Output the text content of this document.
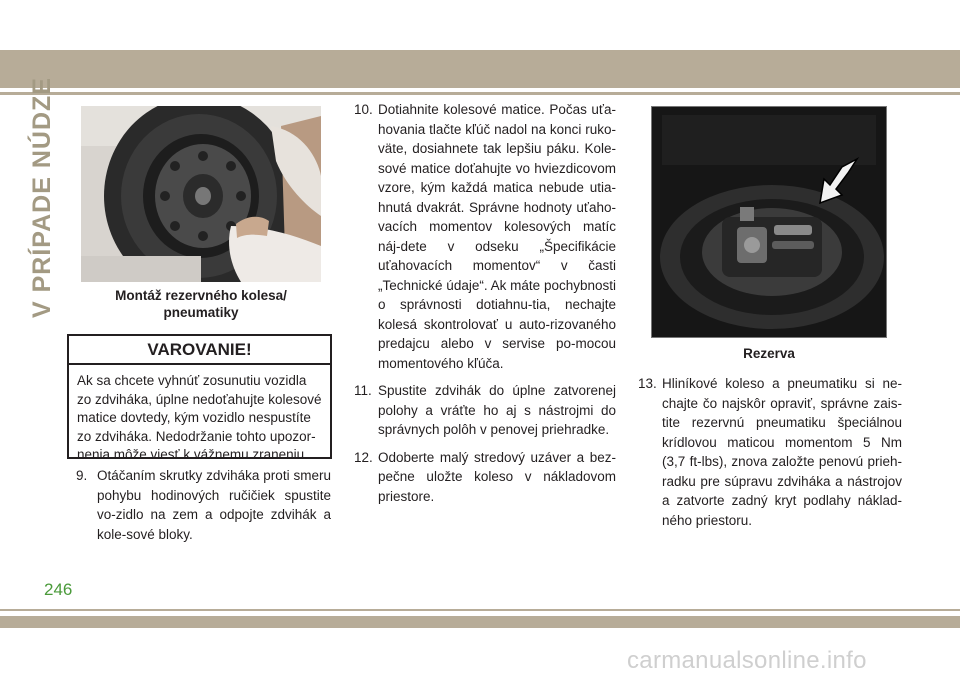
V PRÍPADE NÚDZE	Montáž rezervného kolesa/ pneumatiky
VAROVANIE!
Ak sa chcete vyhnúť zosunutiu vozidla zo zdviháka, úplne nedoťahujte kolesové matice dovtedy, kým vozidlo nespustíte zo zdviháka. Nedodržanie tohto upozor-nenia môže viesť k vážnemu zraneniu.
9. Otáčaním skrutky zdviháka proti smeru pohybu hodinových ručičiek spustite vo-zidlo na zem a odpojte zdvihák a kole-sové bloky.
10. Dotiahnite kolesové matice. Počas uťa-hovania tlačte kľúč nadol na konci ruko-väte, dosiahnete tak lepšiu páku. Kole-sové matice doťahujte vo hviezdicovom vzore, kým každá matica nebude utia-hnutá dvakrát. Správne hodnoty uťaho-vacích momentov kolesových matíc náj-dete v odseku „Špecifikácie uťahovacích momentov“ v časti „Technické údaje“. Ak máte pochybnosti o správnosti dotiahnu-tia, nechajte kolesá skontrolovať u auto-rizovaného predajcu alebo v servise po-mocou momentového kľúča.
11. Spustite zdvihák do úplne zatvorenej polohy a vráťte ho aj s nástrojmi do správnych polôh v penovej priehradke.
12. Odoberte malý stredový uzáver a bez-pečne uložte koleso v nákladovom priestore.
Rezerva
13. Hliníkové koleso a pneumatiku si ne-chajte čo najskôr opraviť, správne zais-tite rezervnú pneumatiku špeciálnou krídlovou maticou momentom 5 Nm (3,7 ft-lbs), znova založte penovú prieh-radku pre súpravu zdviháka a nástrojov a zatvorte zadný kryt podlahy náklad-ného priestoru.
246
carmanualsonline.info
